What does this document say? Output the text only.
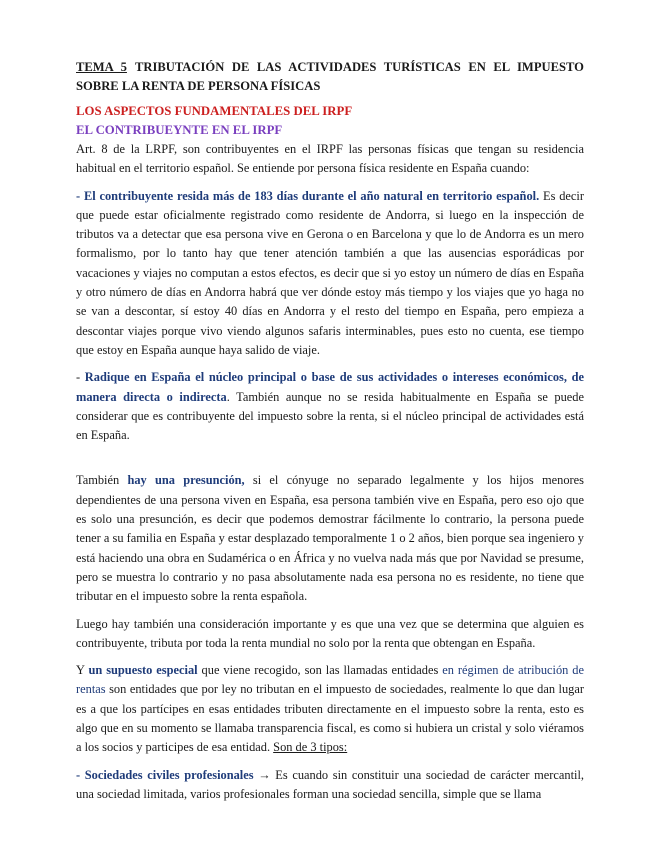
TEMA 5 TRIBUTACIÓN DE LAS ACTIVIDADES TURÍSTICAS EN EL IMPUESTO SOBRE LA RENTA DE PERSONA FÍSICAS

LOS ASPECTOS FUNDAMENTALES DEL IRPF

EL CONTRIBUEYNTE EN EL IRPF

Art. 8 de la LRPF, son contribuyentes en el IRPF las personas físicas que tengan su residencia habitual en el territorio español. Se entiende por persona física residente en España cuando:

- El contribuyente resida más de 183 días durante el año natural en territorio español. Es decir que puede estar oficialmente registrado como residente de Andorra, si luego en la inspección de tributos va a detectar que esa persona vive en Gerona o en Barcelona y que lo de Andorra es un mero formalismo, por lo tanto hay que tener atención también a que las ausencias esporádicas por vacaciones y viajes no computan a estos efectos, es decir que si yo estoy un número de días en España y otro número de días en Andorra habrá que ver dónde estoy más tiempo y los viajes que yo haga no se van a descontar, sí estoy 40 días en Andorra y el resto del tiempo en España, pero empieza a descontar viajes porque vivo viendo algunos safaris interminables, pues esto no cuenta, ese tiempo que estoy en España aunque haya salido de viaje.

- Radique en España el núcleo principal o base de sus actividades o intereses económicos, de manera directa o indirecta. También aunque no se resida habitualmente en España se puede considerar que es contribuyente del impuesto sobre la renta, si el núcleo principal de actividades está en España.

También hay una presunción, si el cónyuge no separado legalmente y los hijos menores dependientes de una persona viven en España, esa persona también vive en España, pero eso ojo que es solo una presunción, es decir que podemos demostrar fácilmente lo contrario, la persona puede tener a su familia en España y estar desplazado temporalmente 1 o 2 años, bien porque sea ingeniero y está haciendo una obra en Sudamérica o en África y no vuelva nada más que por Navidad se presume, pero se muestra lo contrario y no pasa absolutamente nada esa persona no es residente, no tiene que tributar en el impuesto sobre la renta española.

Luego hay también una consideración importante y es que una vez que se determina que alguien es contribuyente, tributa por toda la renta mundial no solo por la renta que obtengan en España.

Y un supuesto especial que viene recogido, son las llamadas entidades en régimen de atribución de rentas son entidades que por ley no tributan en el impuesto de sociedades, realmente lo que dan lugar es a que los partícipes en esas entidades tributen directamente en el impuesto sobre la renta, esto es algo que en su momento se llamaba transparencia fiscal, es como si hubiera un cristal y solo viéramos a los socios y participes de esa entidad. Son de 3 tipos:

- Sociedades civiles profesionales → Es cuando sin constituir una sociedad de carácter mercantil, una sociedad limitada, varios profesionales forman una sociedad sencilla, simple que se llama
